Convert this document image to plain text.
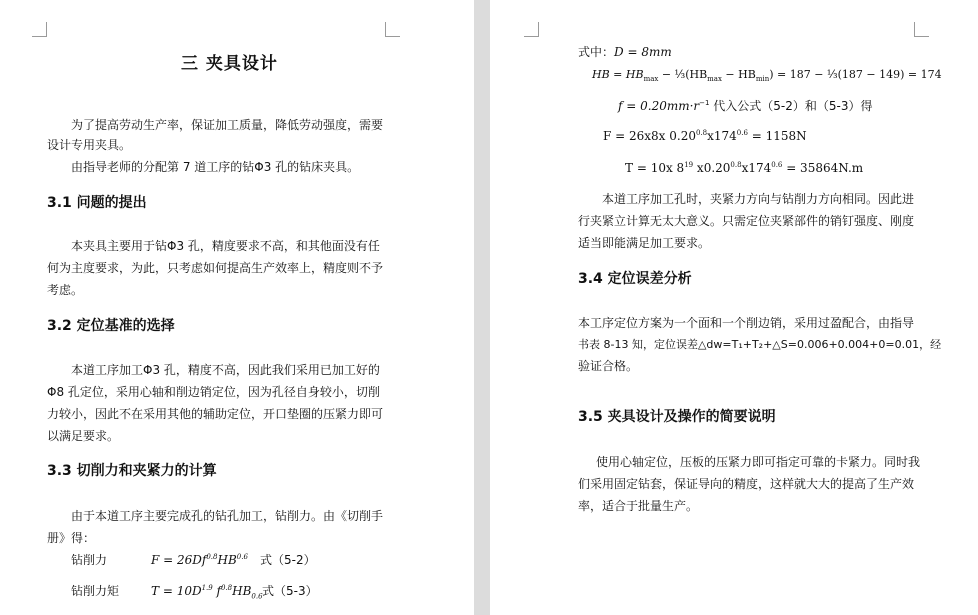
三 夹具设计
为了提高劳动生产率，保证加工质量，降低劳动强度，需要
设计专用夹具。
由指导老师的分配第 7 道工序的钻Φ3 孔的钻床夹具。
3.1 问题的提出
本夹具主要用于钻Φ3 孔，精度要求不高，和其他面没有任
何为主度要求，为此，只考虑如何提高生产效率上，精度则不予
考虑。
3.2 定位基准的选择
本道工序加工Φ3 孔，精度不高，因此我们采用已加工好的
Φ8 孔定位，采用心轴和削边销定位，因为孔径自身较小，切削
力较小，因此不在采用其他的辅助定位，开口垫圈的压紧力即可
以满足要求。
3.3 切削力和夹紧力的计算
由于本道工序主要完成孔的钻孔加工，钻削力。由《切削手
册》得：
钻削力	$F = 26Df^{0.8}HB^{0.6}$ 式（5-2）
钻削力矩	$T = 10D^{1.9}$ $f^{0.8}HB_{0.6}$ 式（5-3）
式中：D = 8mm
HB = $HB_{max}$ − $\frac{1}{3}(HB_{max} - HB_{min}) = 187$ − ⅓(187 − 149) = 174
$f = 0.20mm\cdot r^{-1}$ 代入公式（5-2）和（5-3）得
F = 26x8x $0.20^{0.8}x174^{0.6} = 1158N$
T = 10x $8^{19}$ $x0.20^{0.8}x174^{0.6} = 35864N.m$
本道工序加工孔时，夹紧力方向与钻削力方向相同。因此进
行夹紧立计算无太大意义。只需定位夹紧部件的销钉强度、刚度
适当即能满足加工要求。
3.4 定位误差分析
本工序定位方案为一个面和一个削边销，采用过盈配合，由指导
书表 8-13 知，定位误差△dw=T₁+T₂+△S=0.006+0.004+0=0.01，经
验证合格。
3.5 夹具设计及操作的简要说明
使用心轴定位，压板的压紧力即可指定可靠的卡紧力。同时我
们采用固定钻套，保证导向的精度，这样就大大的提高了生产效
率，适合于批量生产。
